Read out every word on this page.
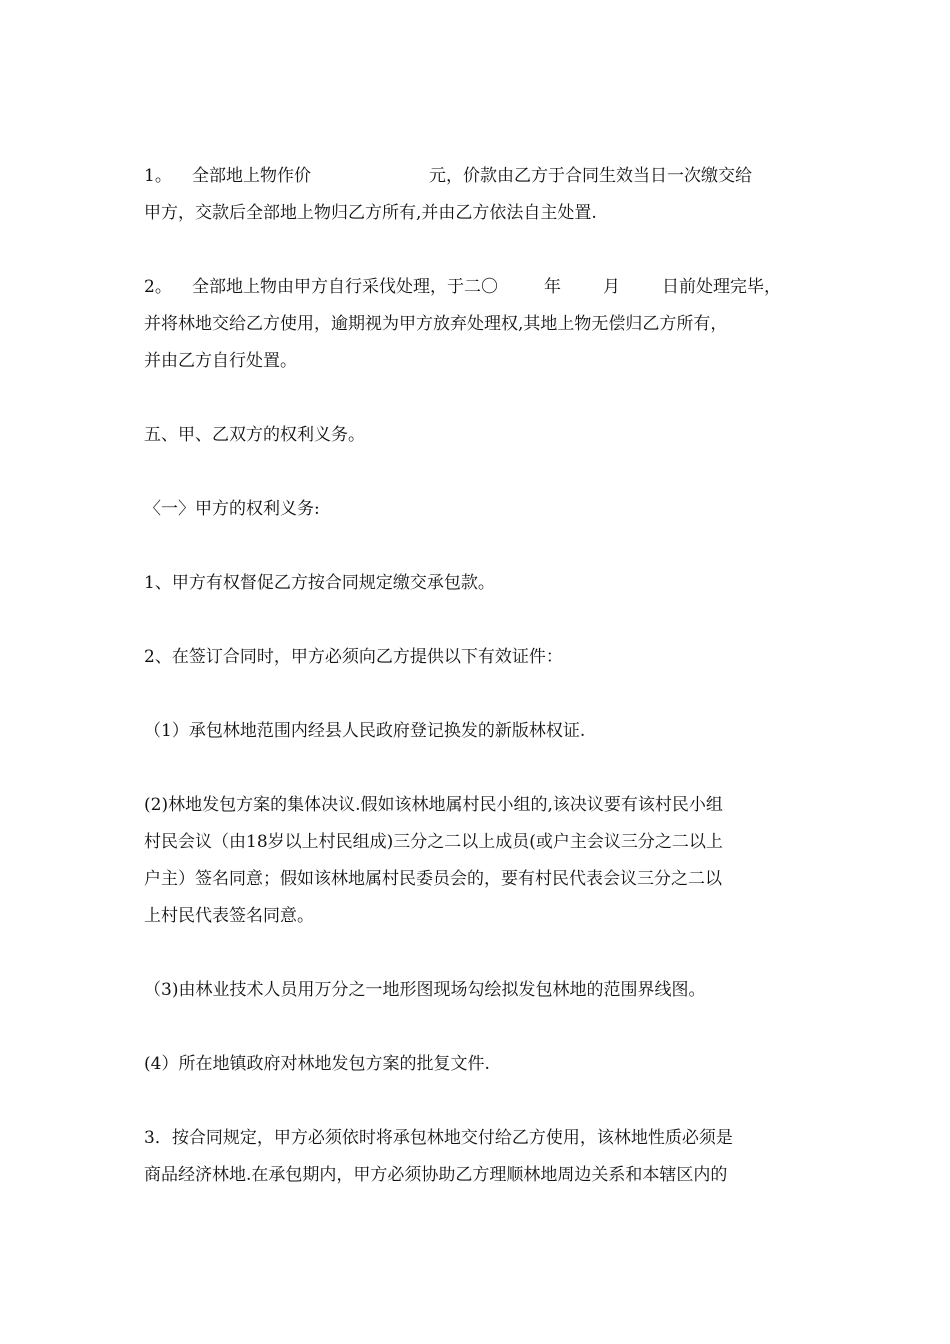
1。 全部地上物作价	元，价款由乙方于合同生效当日一次缴交给
甲方，交款后全部地上物归乙方所有,并由乙方依法自主处置.

2。 全部地上物由甲方自行采伐处理，于二〇	年 月 日前处理完毕，
并将林地交给乙方使用，逾期视为甲方放弃处理权,其地上物无偿归乙方所有，
并由乙方自行处置。

五、甲、乙双方的权利义务。

〈一〉甲方的权利义务:

1、甲方有权督促乙方按合同规定缴交承包款。

2、在签订合同时，甲方必须向乙方提供以下有效证件：

（1）承包林地范围内经县人民政府登记换发的新版林权证.

(2)林地发包方案的集体决议.假如该林地属村民小组的,该决议要有该村民小组
村民会议（由18岁以上村民组成)三分之二以上成员(或户主会议三分之二以上
户主）签名同意；假如该林地属村民委员会的，要有村民代表会议三分之二以
上村民代表签名同意。

（3)由林业技术人员用万分之一地形图现场勾绘拟发包林地的范围界线图。

(4）所在地镇政府对林地发包方案的批复文件.

3．按合同规定，甲方必须依时将承包林地交付给乙方使用，该林地性质必须是
商品经济林地.在承包期内，甲方必须协助乙方理顺林地周边关系和本辖区内的
